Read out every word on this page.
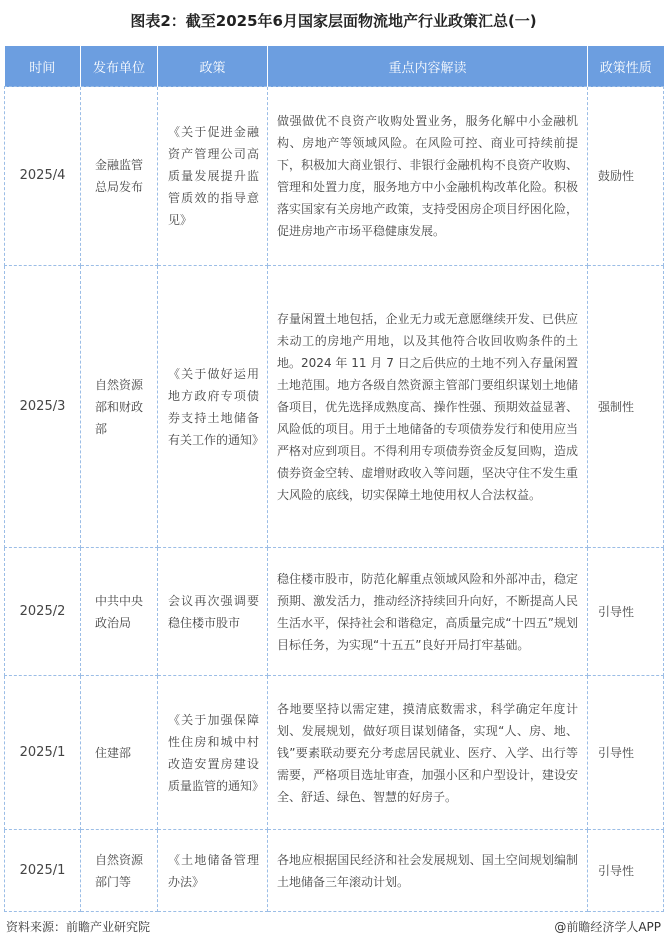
图表2：截至2025年6月国家层面物流地产行业政策汇总(一)
时间	发布单位	政策	重点内容解读	政策性质
2025/4	金融监管总局发布	《关于促进金融资产管理公司高质量发展提升监管质效的指导意见》	做强做优不良资产收购处置业务，服务化解中小金融机构、房地产等领域风险。在风险可控、商业可持续前提下，积极加大商业银行、非银行金融机构不良资产收购、管理和处置力度，服务地方中小金融机构改革化险。积极落实国家有关房地产政策，支持受困房企项目纾困化险，促进房地产市场平稳健康发展。	鼓励性
2025/3	自然资源部和财政部	《关于做好运用地方政府专项债券支持土地储备有关工作的通知》	存量闲置土地包括，企业无力或无意愿继续开发、已供应未动工的房地产用地，以及其他符合收回收购条件的土地。2024 年 11 月 7 日之后供应的土地不列入存量闲置土地范围。地方各级自然资源主管部门要组织谋划土地储备项目，优先选择成熟度高、操作性强、预期效益显著、风险低的项目。用于土地储备的专项债券发行和使用应当严格对应到项目。不得利用专项债券资金反复回购，造成债券资金空转、虚增财政收入等问题，坚决守住不发生重大风险的底线，切实保障土地使用权人合法权益。	强制性
2025/2	中共中央政治局	会议再次强调要稳住楼市股市	稳住楼市股市，防范化解重点领域风险和外部冲击，稳定预期、激发活力，推动经济持续回升向好，不断提高人民生活水平，保持社会和谐稳定，高质量完成“十四五”规划目标任务，为实现“十五五”良好开局打牢基础。	引导性
2025/1	住建部	《关于加强保障性住房和城中村改造安置房建设质量监管的通知》	各地要坚持以需定建，摸清底数需求，科学确定年度计划、发展规划，做好项目谋划储备，实现“人、房、地、钱”要素联动要充分考虑居民就业、医疗、入学、出行等需要，严格项目选址审查，加强小区和户型设计，建设安全、舒适、绿色、智慧的好房子。	引导性
2025/1	自然资源部门等	《土地储备管理办法》	各地应根据国民经济和社会发展规划、国土空间规划编制土地储备三年滚动计划。	引导性
资料来源：前瞻产业研究院	@前瞻经济学人APP
